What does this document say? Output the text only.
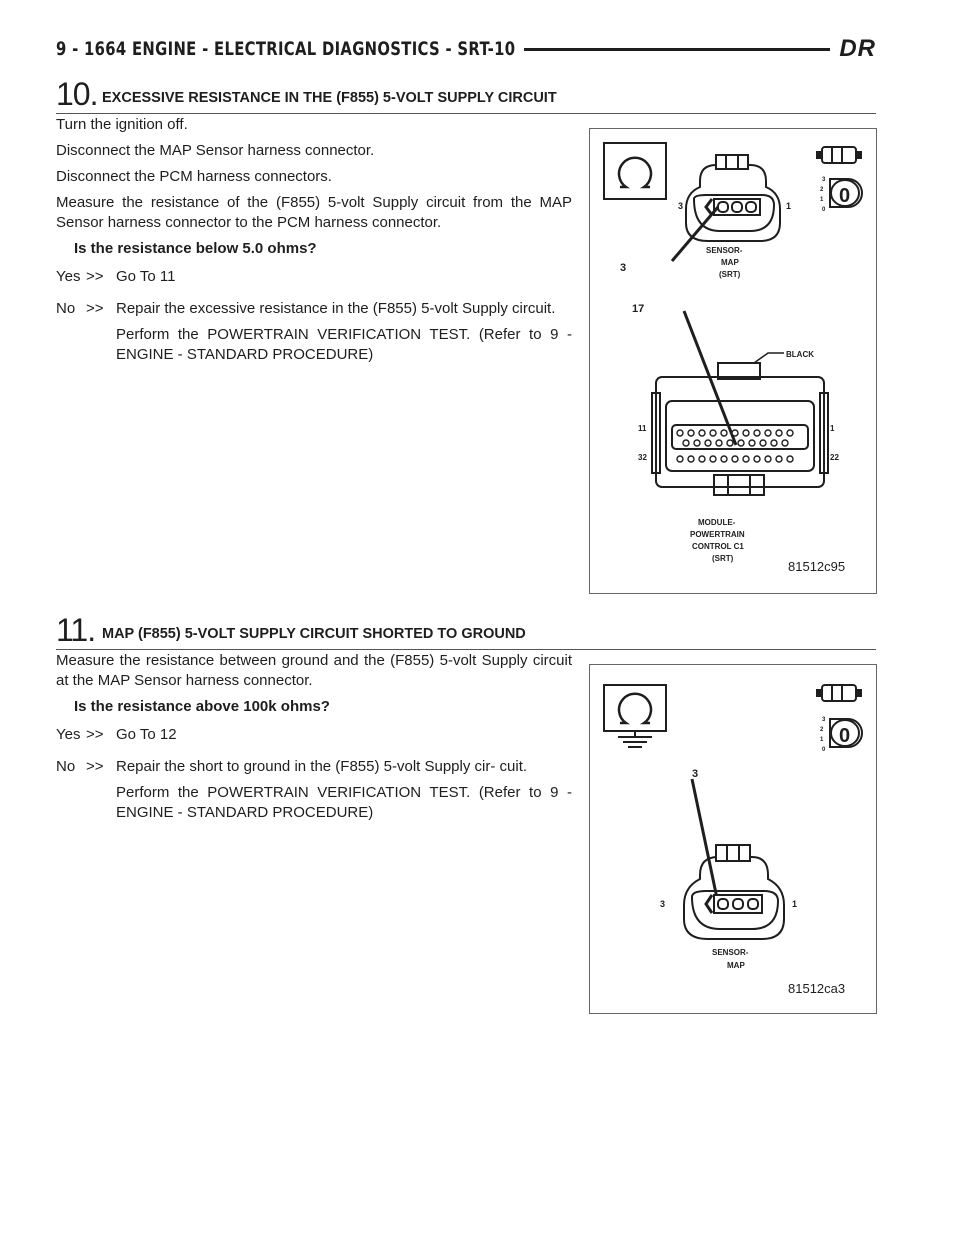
9 - 1664 ENGINE - ELECTRICAL DIAGNOSTICS - SRT-10	DR
10. EXCESSIVE RESISTANCE IN THE (F855) 5-VOLT SUPPLY CIRCUIT

Turn the ignition off.

Disconnect the MAP Sensor harness connector.

Disconnect the PCM harness connectors.

Measure the resistance of the (F855) 5-volt Supply circuit from the MAP Sensor harness connector to the PCM harness connector.

Is the resistance below 5.0 ohms?

Yes >> Go To 11

No >> Repair the excessive resistance in the (F855) 5-volt Supply circuit.

Perform the POWERTRAIN VERIFICATION TEST. (Refer to 9 - ENGINE - STANDARD PROCEDURE)

0
3
2
1
0
3	1
SENSOR-
MAP
(SRT)
3
17
BLACK
11
32
1
22
MODULE-
POWERTRAIN
CONTROL C1
(SRT)
81512c95
11. MAP (F855) 5-VOLT SUPPLY CIRCUIT SHORTED TO GROUND

Measure the resistance between ground and the (F855) 5-volt Supply circuit at the MAP Sensor harness connector.

Is the resistance above 100k ohms?

Yes >> Go To 12

No >> Repair the short to ground in the (F855) 5-volt Supply cir- cuit.

Perform the POWERTRAIN VERIFICATION TEST. (Refer to 9 - ENGINE - STANDARD PROCEDURE)

0
3
2
1
0
3
3	1
SENSOR-
MAP
81512ca3
